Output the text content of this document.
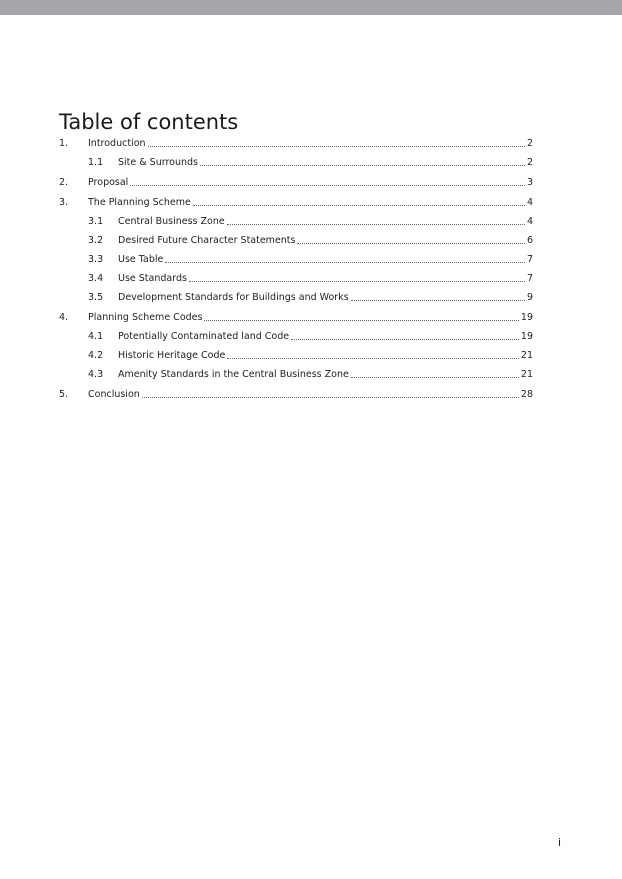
Table of contents
1.	Introduction	2
1.1	Site & Surrounds	2
2.	Proposal	3
3.	The Planning Scheme	4
3.1	Central Business Zone	4
3.2	Desired Future Character Statements	6
3.3	Use Table	7
3.4	Use Standards	7
3.5	Development Standards for Buildings and Works	9
4.	Planning Scheme Codes	19
4.1	Potentially Contaminated land Code	19
4.2	Historic Heritage Code	21
4.3	Amenity Standards in the Central Business Zone	21
5.	Conclusion	28
i
